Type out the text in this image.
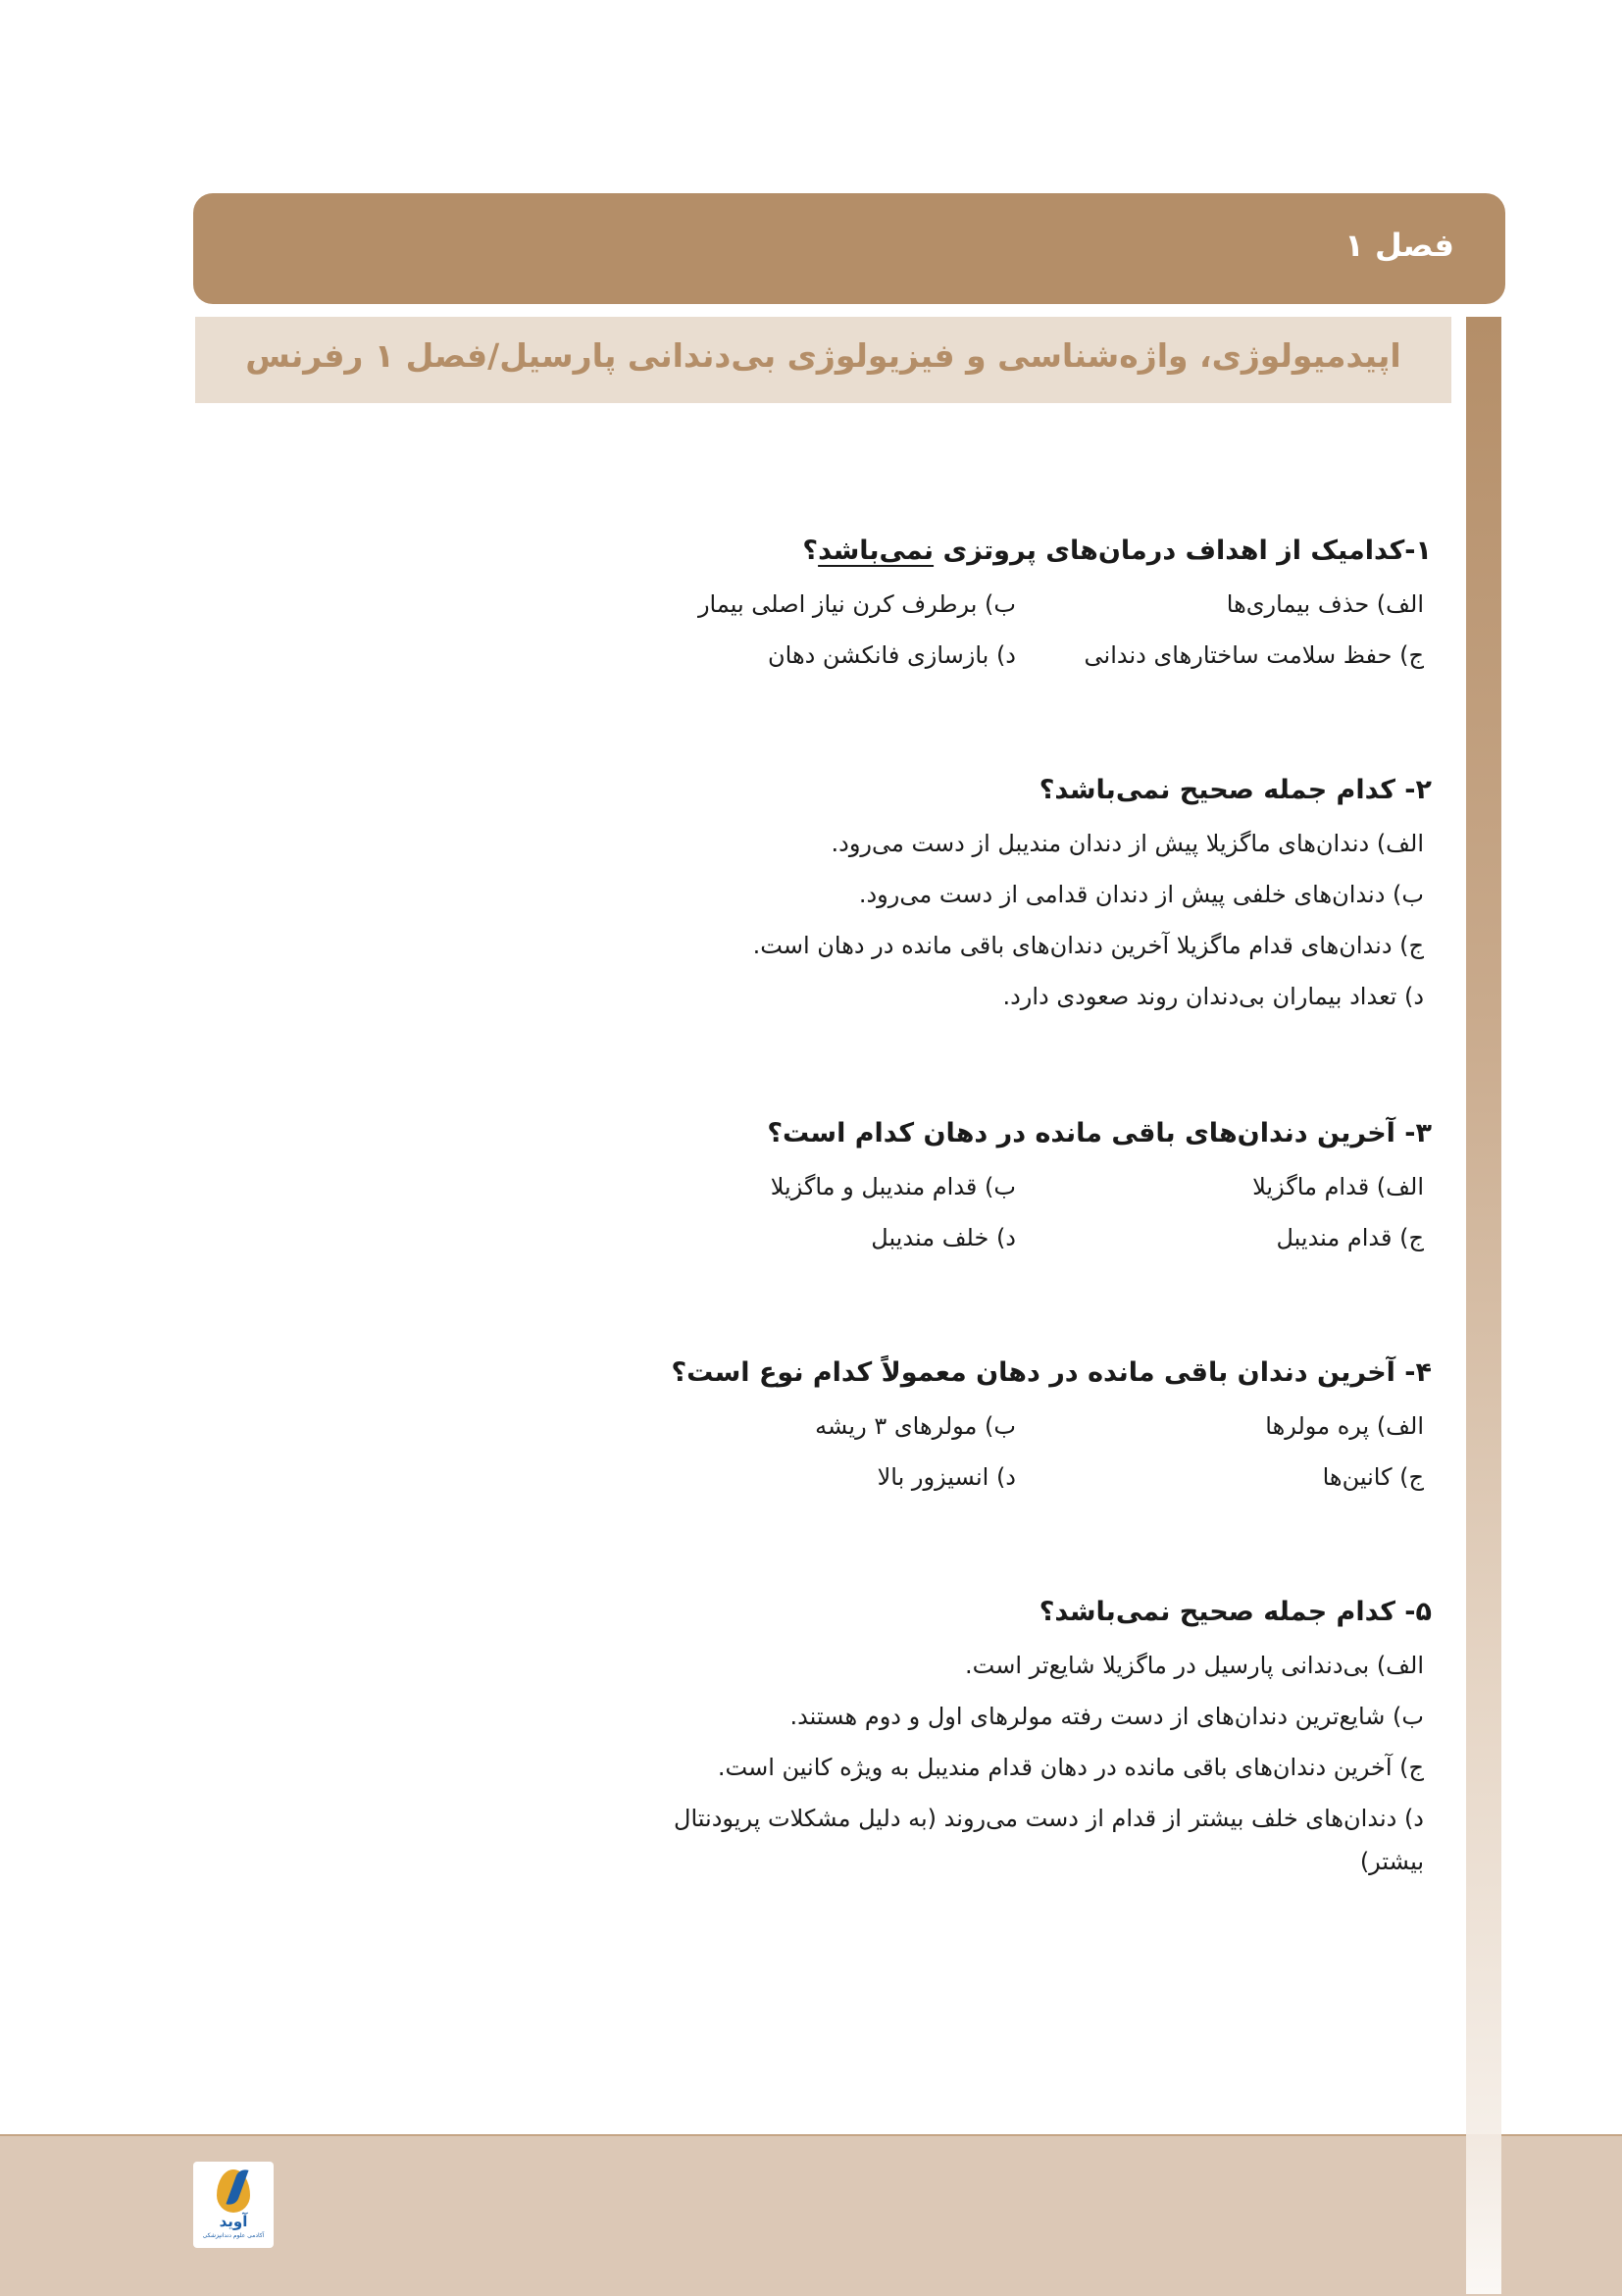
فصل ۱
اپیدمیولوژی، واژه‌شناسی و فیزیولوژی بی‌دندانی پارسیل/فصل ۱ رفرنس
۱-کدامیک از اهداف درمان‌های پروتزی نمی‌باشد؟
الف) حذف بیماری‌ها
ب) برطرف کرن نیاز اصلی بیمار
ج) حفظ سلامت ساختارهای دندانی
د) بازسازی فانکشن دهان
۲- کدام جمله صحیح نمی‌باشد؟
الف) دندان‌های ماگزیلا پیش از دندان مندیبل از دست می‌رود.
ب) دندان‌های خلفی پیش از دندان قدامی از دست می‌رود.
ج) دندان‌های قدام ماگزیلا آخرین دندان‌های باقی مانده در دهان است.
د) تعداد بیماران بی‌دندان روند صعودی دارد.
۳- آخرین دندان‌های باقی مانده در دهان کدام است؟
الف) قدام ماگزیلا
ب) قدام مندیبل و ماگزیلا
ج) قدام مندیبل
د) خلف مندیبل
۴- آخرین دندان باقی مانده در دهان معمولاً کدام نوع است؟
الف) پره مولرها
ب) مولرهای ۳ ریشه
ج) کانین‌ها
د) انسیزور بالا
۵- کدام جمله صحیح نمی‌باشد؟
الف) بی‌دندانی پارسیل در ماگزیلا شایع‌تر است.
ب) شایع‌ترین دندان‌های از دست رفته مولرهای اول و دوم هستند.
ج) آخرین دندان‌های باقی مانده در دهان قدام مندیبل به ویژه کانین است.
د) دندان‌های خلف بیشتر از قدام از دست می‌روند (به دلیل مشکلات پریودنتال بیشتر)
آوید
آکادمی علوم دندانپزشکی
